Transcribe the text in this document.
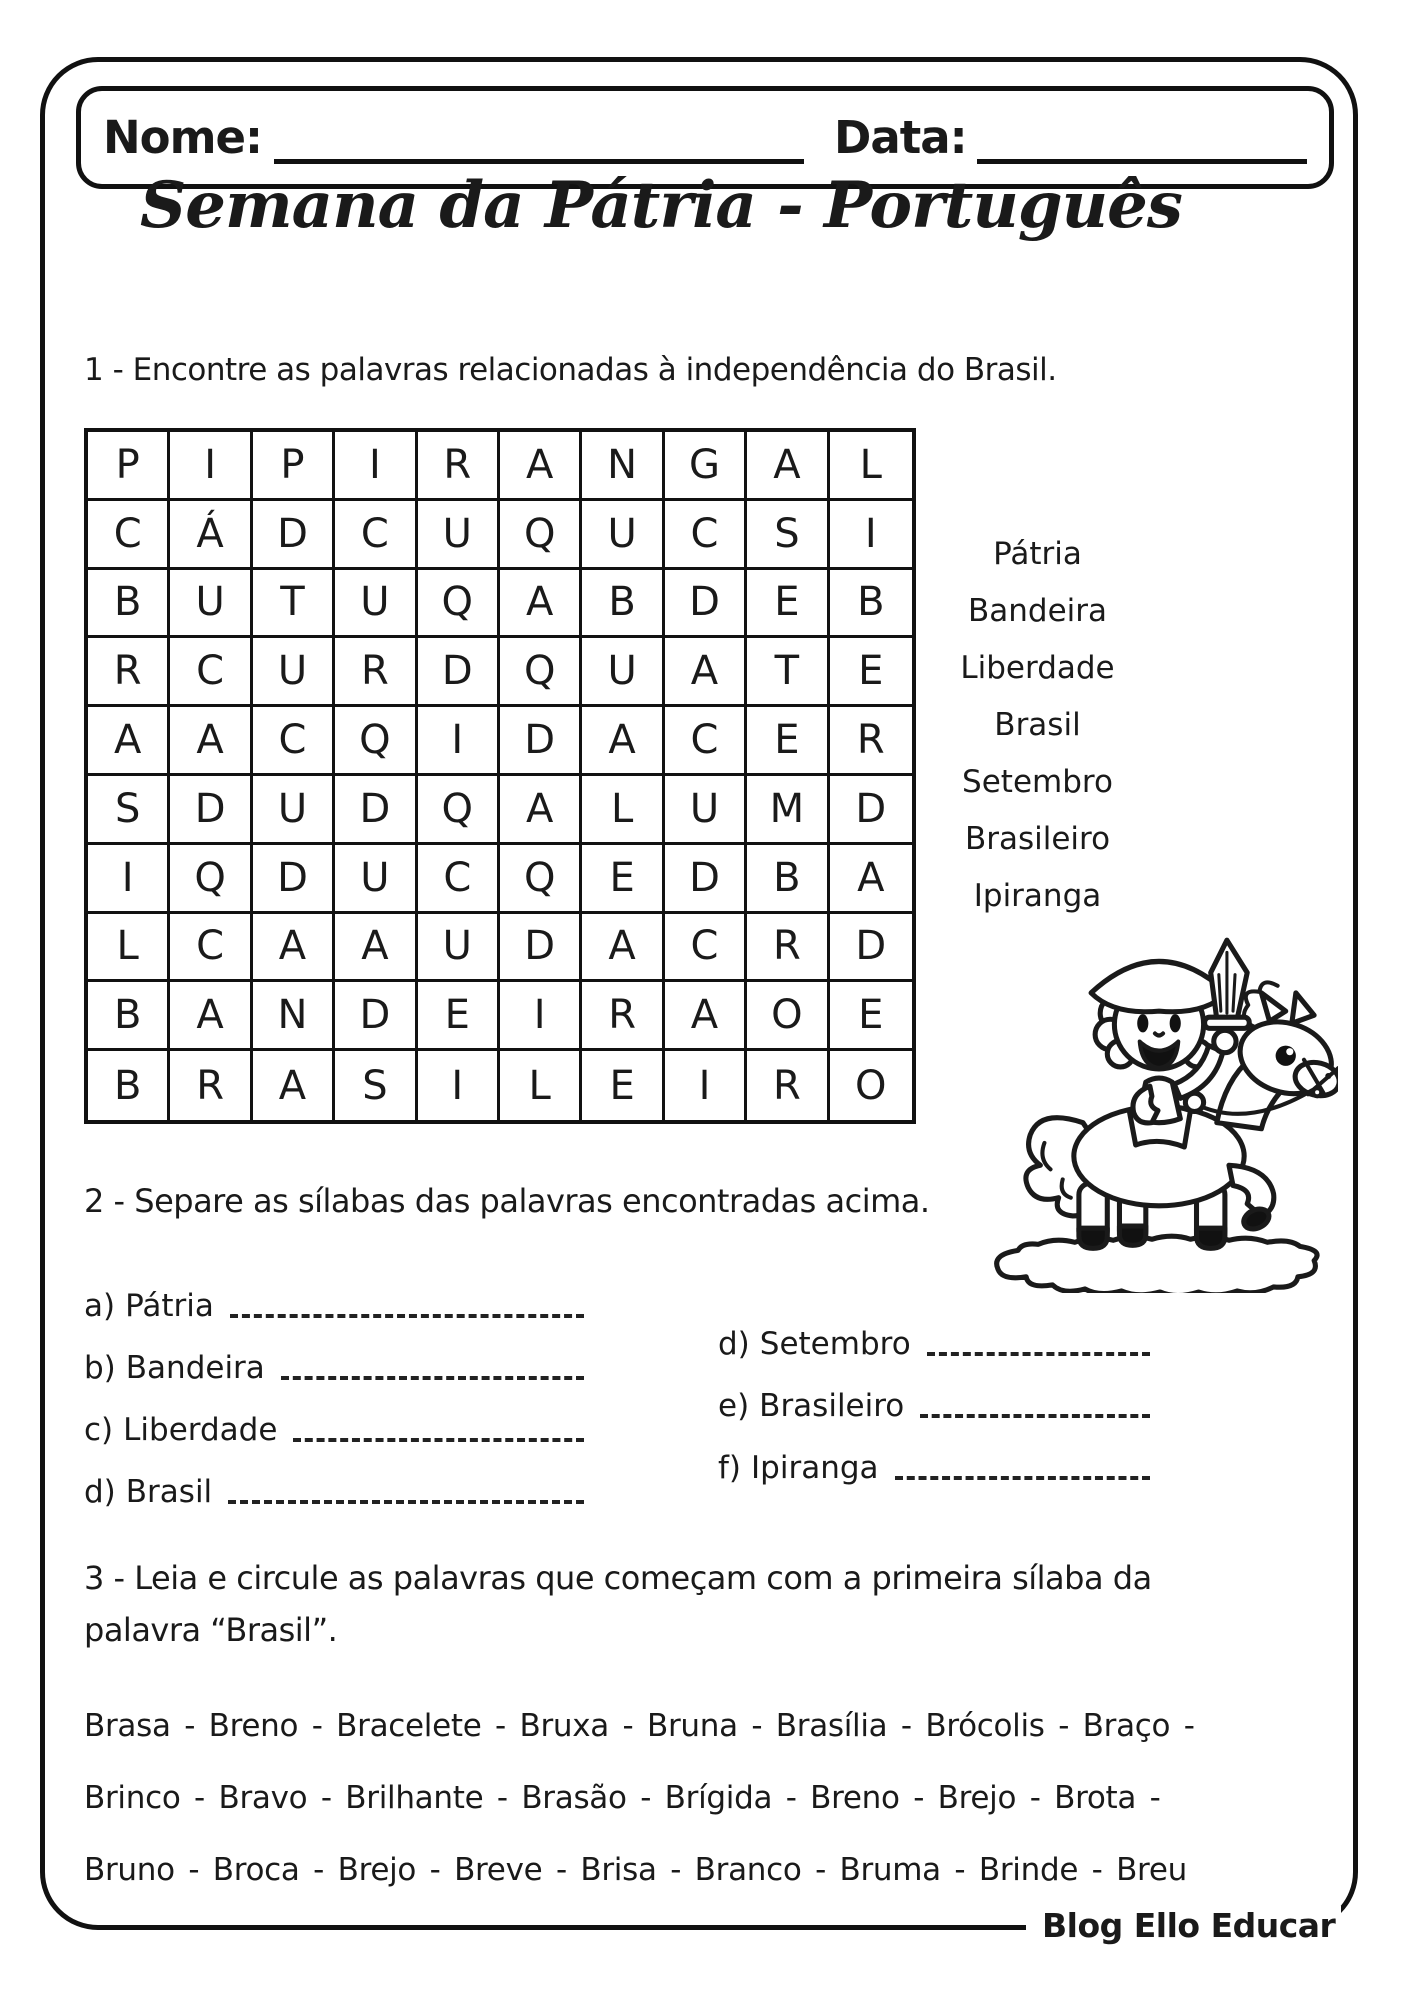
Nome:	Data:
Semana da Pátria - Português
1 - Encontre as palavras relacionadas à independência do Brasil.
P	I	P	I	R	A	N	G	A	L
C	Á	D	C	U	Q	U	C	S	I
B	U	T	U	Q	A	B	D	E	B
R	C	U	R	D	Q	U	A	T	E
A	A	C	Q	I	D	A	C	E	R
S	D	U	D	Q	A	L	U	M	D
I	Q	D	U	C	Q	E	D	B	A
L	C	A	A	U	D	A	C	R	D
B	A	N	D	E	I	R	A	O	E
B	R	A	S	I	L	E	I	R	O
Pátria
Bandeira
Liberdade
Brasil
Setembro
Brasileiro
Ipiranga
2 - Separe as sílabas das palavras encontradas acima.
a) Pátria
b) Bandeira
c) Liberdade
d) Brasil
d) Setembro
e) Brasileiro
f) Ipiranga
3 - Leia e circule as palavras que começam com a primeira sílaba da
palavra “Brasil”.
Brasa - Breno - Bracelete - Bruxa - Bruna - Brasília - Brócolis - Braço -
Brinco - Bravo - Brilhante - Brasão - Brígida - Breno - Brejo - Brota -
Bruno - Broca - Brejo - Breve - Brisa - Branco - Bruma - Brinde - Breu
Blog Ello Educar
